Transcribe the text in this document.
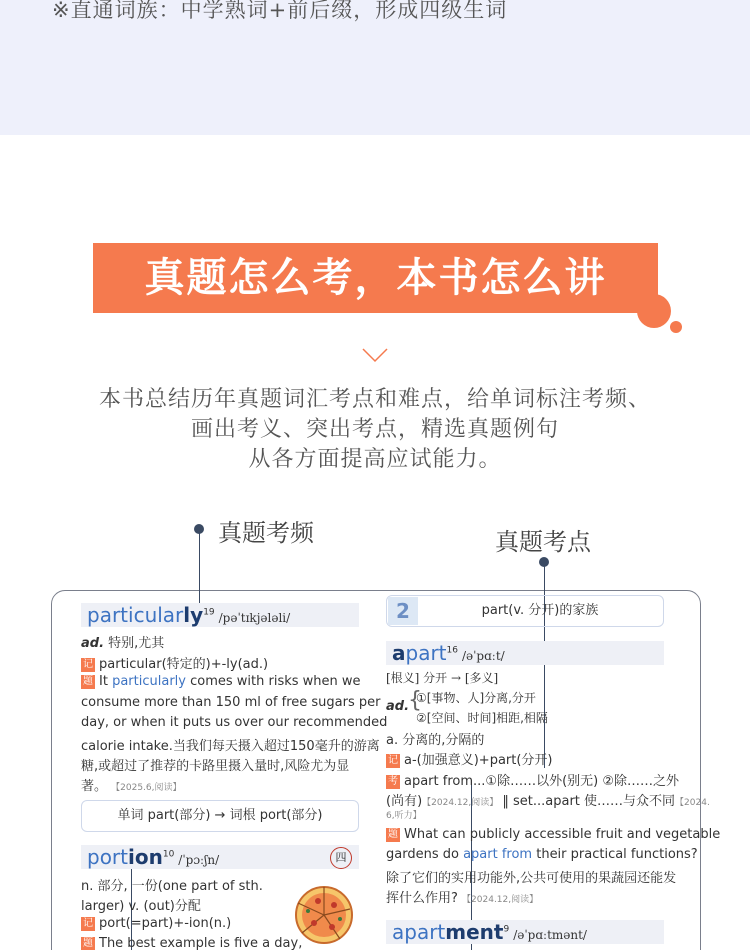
※直通词族：中学熟词+前后缀，形成四级生词
真题怎么考，本书怎么讲
本书总结历年真题词汇考点和难点，给单词标注考频、
画出考义、突出考点，精选真题例句
从各方面提高应试能力。
真题考频	真题考点
particularly$^{19}$ /pəˈtɪkjələli/
ad. 特别,尤其
记 particular(特定的)+-ly(ad.)
题 It particularly comes with risks when we
consume more than 150 ml of free sugars per
day, or when it puts us over our recommended
calorie intake.当我们每天摄入超过150毫升的游离
糖,或超过了推荐的卡路里摄入量时,风险尤为显
著。 【2025.6,阅读】
单词 part(部分) → 词根 port(部分)
portion$^{10}$ /ˈpɔːʃn/	四
n. 部分, 一份(one part of sth.
larger) v. (out)分配
记 port(=part)+-ion(n.)
题 The best example is five a day,
part(v. 分开)的家族
2
apart$^{16}$ /əˈpɑːt/
[根义] 分开 → [多义]
ad.
{
①[事物、人]分离,分开
②[空间、时间]相距,相隔
a. 分离的,分隔的
记 a-(加强意义)+part(分开)
考 apart from...①除……以外(别无) ②除……之外
(尚有)【2024.12,阅读】 ‖ set...apart 使……与众不同【2024.
6,听力】
题 What can publicly accessible fruit and vegetable
gardens do apart from their practical functions?
除了它们的实用功能外,公共可使用的果蔬园还能发
挥什么作用? 【2024.12,阅读】
apartment$^9$ /əˈpɑːtmənt/
